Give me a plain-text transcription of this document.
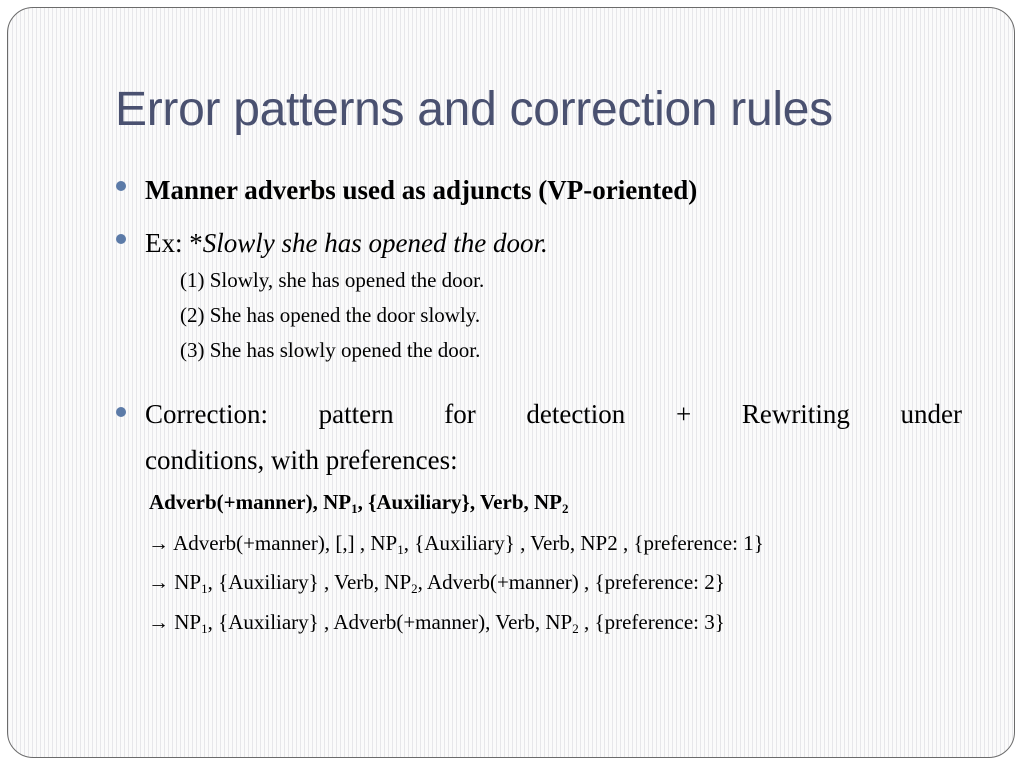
Error patterns and correction rules
Manner adverbs used as adjuncts (VP-oriented)
Ex: *Slowly she has opened the door.
(1) Slowly, she has opened the door.
(2) She has opened the door slowly.
(3) She has slowly opened the door.
Correction: pattern for detection + Rewriting under
conditions, with preferences:
Adverb(+manner), $NP_1$, {Auxiliary}, Verb, $NP_2$
→ Adverb(+manner), [,] , $NP_1$, {Auxiliary} , Verb, NP2 , {preference: 1}
→ $NP_1$, {Auxiliary} , Verb, $NP_2$, Adverb(+manner) , {preference: 2}
→ $NP_1$, {Auxiliary} , Adverb(+manner), Verb, $NP_2$ , {preference: 3}
